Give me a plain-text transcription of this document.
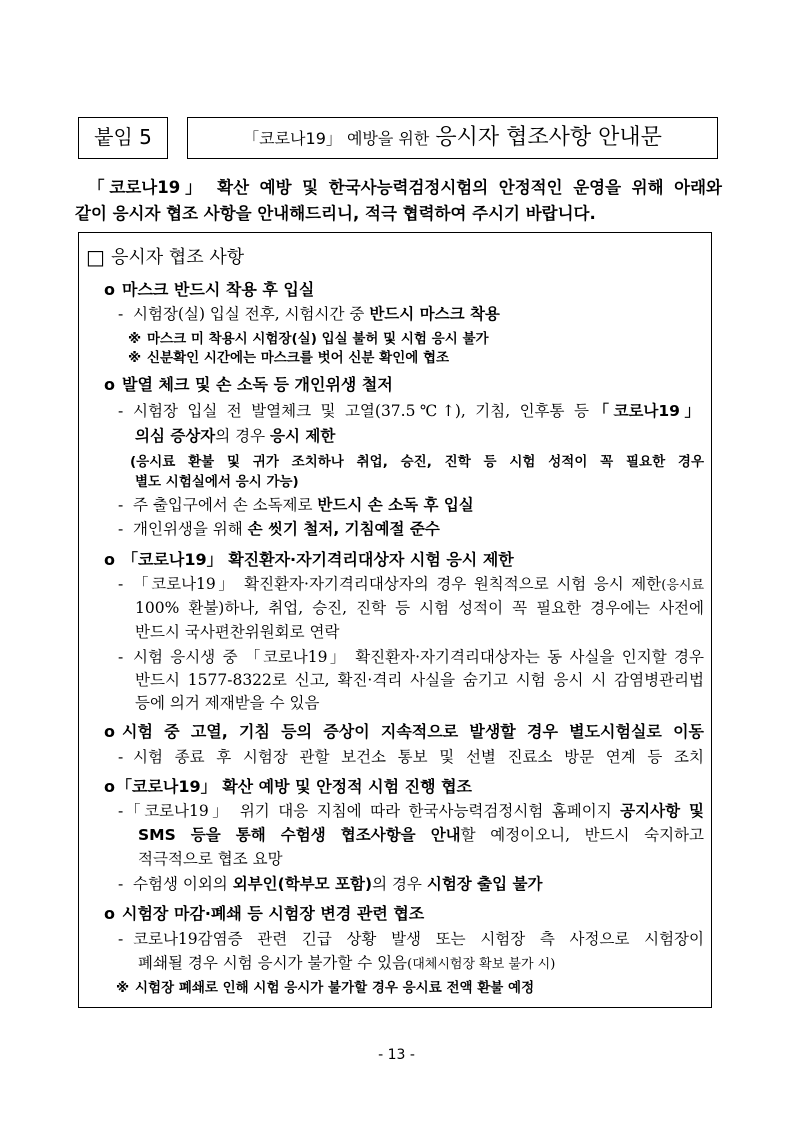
붙임 5	「코로나19」 예방을 위한 응시자 협조사항 안내문
「코로나19」 확산 예방 및 한국사능력검정시험의 안정적인 운영을 위해 아래와
같이 응시자 협조 사항을 안내해드리니, 적극 협력하여 주시기 바랍니다.
□ 응시자 협조 사항
o 마스크 반드시 착용 후 입실
- 시험장(실) 입실 전후, 시험시간 중 반드시 마스크 착용
※ 마스크 미 착용시 시험장(실) 입실 불허 및 시험 응시 불가
※ 신분확인 시간에는 마스크를 벗어 신분 확인에 협조
o 발열 체크 및 손 소독 등 개인위생 철저
- 시험장 입실 전 발열체크 및 고열(37.5℃↑), 기침, 인후통 등「코로나19」
의심 증상자의 경우 응시 제한
(응시료 환불 및 귀가 조치하나 취업, 승진, 진학 등 시험 성적이 꼭 필요한 경우
별도 시험실에서 응시 가능)
- 주 출입구에서 손 소독제로 반드시 손 소독 후 입실
- 개인위생을 위해 손 씻기 철저, 기침예절 준수
o 「코로나19」 확진환자·자기격리대상자 시험 응시 제한
- 「코로나19」 확진환자·자기격리대상자의 경우 원칙적으로 시험 응시 제한(응시료
100% 환불)하나, 취업, 승진, 진학 등 시험 성적이 꼭 필요한 경우에는 사전에
반드시 국사편찬위원회로 연락
- 시험 응시생 중 「코로나19」 확진환자·자기격리대상자는 동 사실을 인지할 경우
반드시 1577-8322로 신고, 확진·격리 사실을 숨기고 시험 응시 시 감염병관리법
등에 의거 제재받을 수 있음
o 시험 중 고열, 기침 등의 증상이 지속적으로 발생할 경우 별도시험실로 이동
- 시험 종료 후 시험장 관할 보건소 통보 및 선별 진료소 방문 연계 등 조치
o 「코로나19」 확산 예방 및 안정적 시험 진행 협조
- 「코로나19」 위기 대응 지침에 따라 한국사능력검정시험 홈페이지 공지사항 및
SMS 등을 통해 수험생 협조사항을 안내할 예정이오니, 반드시 숙지하고
적극적으로 협조 요망
- 수험생 이외의 외부인(학부모 포함)의 경우 시험장 출입 불가
o 시험장 마감·폐쇄 등 시험장 변경 관련 협조
- 코로나19감염증 관련 긴급 상황 발생 또는 시험장 측 사정으로 시험장이
폐쇄될 경우 시험 응시가 불가할 수 있음(대체시험장 확보 불가 시)
※ 시험장 폐쇄로 인해 시험 응시가 불가할 경우 응시료 전액 환불 예정
- 13 -
